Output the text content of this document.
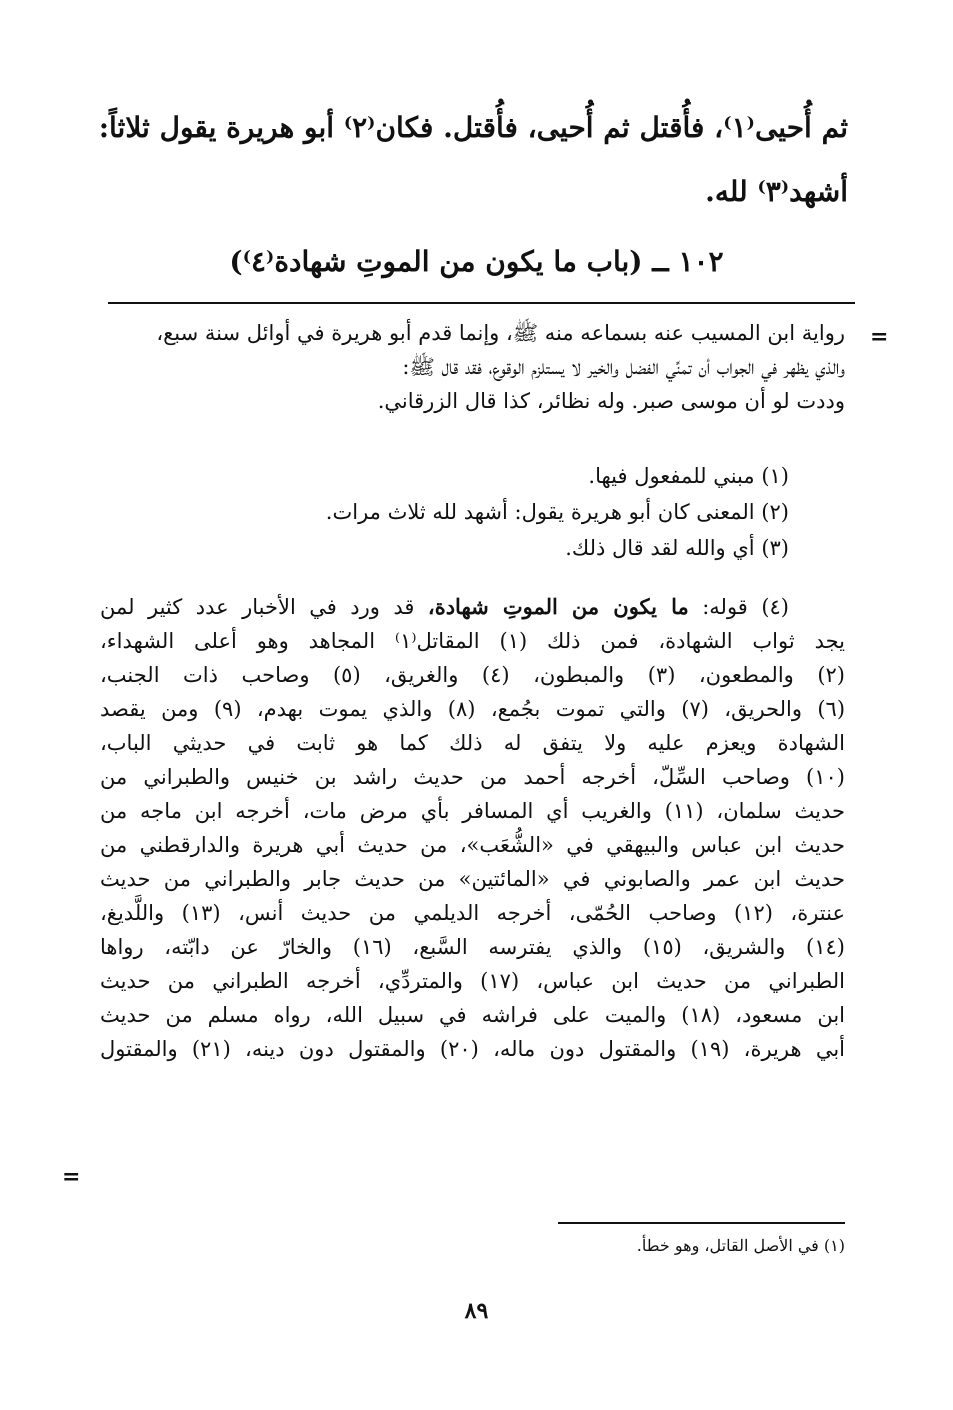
ثم أُحيى⁽١⁾، فأُقتل ثم أُحيى، فأُقتل. فكان⁽٢⁾ أبو هريرة يقول ثلاثاً:

أشهد⁽٣⁾ لله.

١٠٢ ــ (باب ما يكون من الموتِ شهادة⁽٤⁾)
=

رواية ابن المسيب عنه بسماعه منه ﷺ، وإنما قدم أبو هريرة في أوائل سنة سبع،

والذي يظهر في الجواب أن تمنِّي الفضل والخير لا يستلزم الوقوع، فقد قال ﷺ:

وددت لو أن موسى صبر. وله نظائر، كذا قال الزرقاني.

(١) مبني للمفعول فيها.

(٢) المعنى كان أبو هريرة يقول: أشهد لله ثلاث مرات.

(٣) أي والله لقد قال ذلك.

(٤) قوله: ما يكون من الموتِ شهادة، قد ورد في الأخبار عدد كثير لمن

يجد ثواب الشهادة، فمن ذلك (١) المقاتل⁽١⁾ المجاهد وهو أعلى الشهداء،

(٢) والمطعون، (٣) والمبطون، (٤) والغريق، (٥) وصاحب ذات الجنب،

(٦) والحريق، (٧) والتي تموت بجُمع، (٨) والذي يموت بهدم، (٩) ومن يقصد

الشهادة ويعزم عليه ولا يتفق له ذلك كما هو ثابت في حديثي الباب،

(١٠) وصاحب السِّلّ، أخرجه أحمد من حديث راشد بن خنيس والطبراني من

حديث سلمان، (١١) والغريب أي المسافر بأي مرض مات، أخرجه ابن ماجه من

حديث ابن عباس والبيهقي في «الشُّعَب»، من حديث أبي هريرة والدارقطني من

حديث ابن عمر والصابوني في «المائتين» من حديث جابر والطبراني من حديث

عنترة، (١٢) وصاحب الحُمّى، أخرجه الديلمي من حديث أنس، (١٣) واللَّديغ،

(١٤) والشريق، (١٥) والذي يفترسه السَّبع، (١٦) والخارّ عن دابّته، رواها

الطبراني من حديث ابن عباس، (١٧) والمتردِّي، أخرجه الطبراني من حديث

ابن مسعود، (١٨) والميت على فراشه في سبيل الله، رواه مسلم من حديث

أبي هريرة، (١٩) والمقتول دون ماله، (٢٠) والمقتول دون دينه، (٢١) والمقتول

=

(١) في الأصل القاتل، وهو خطأ.

٨٩
